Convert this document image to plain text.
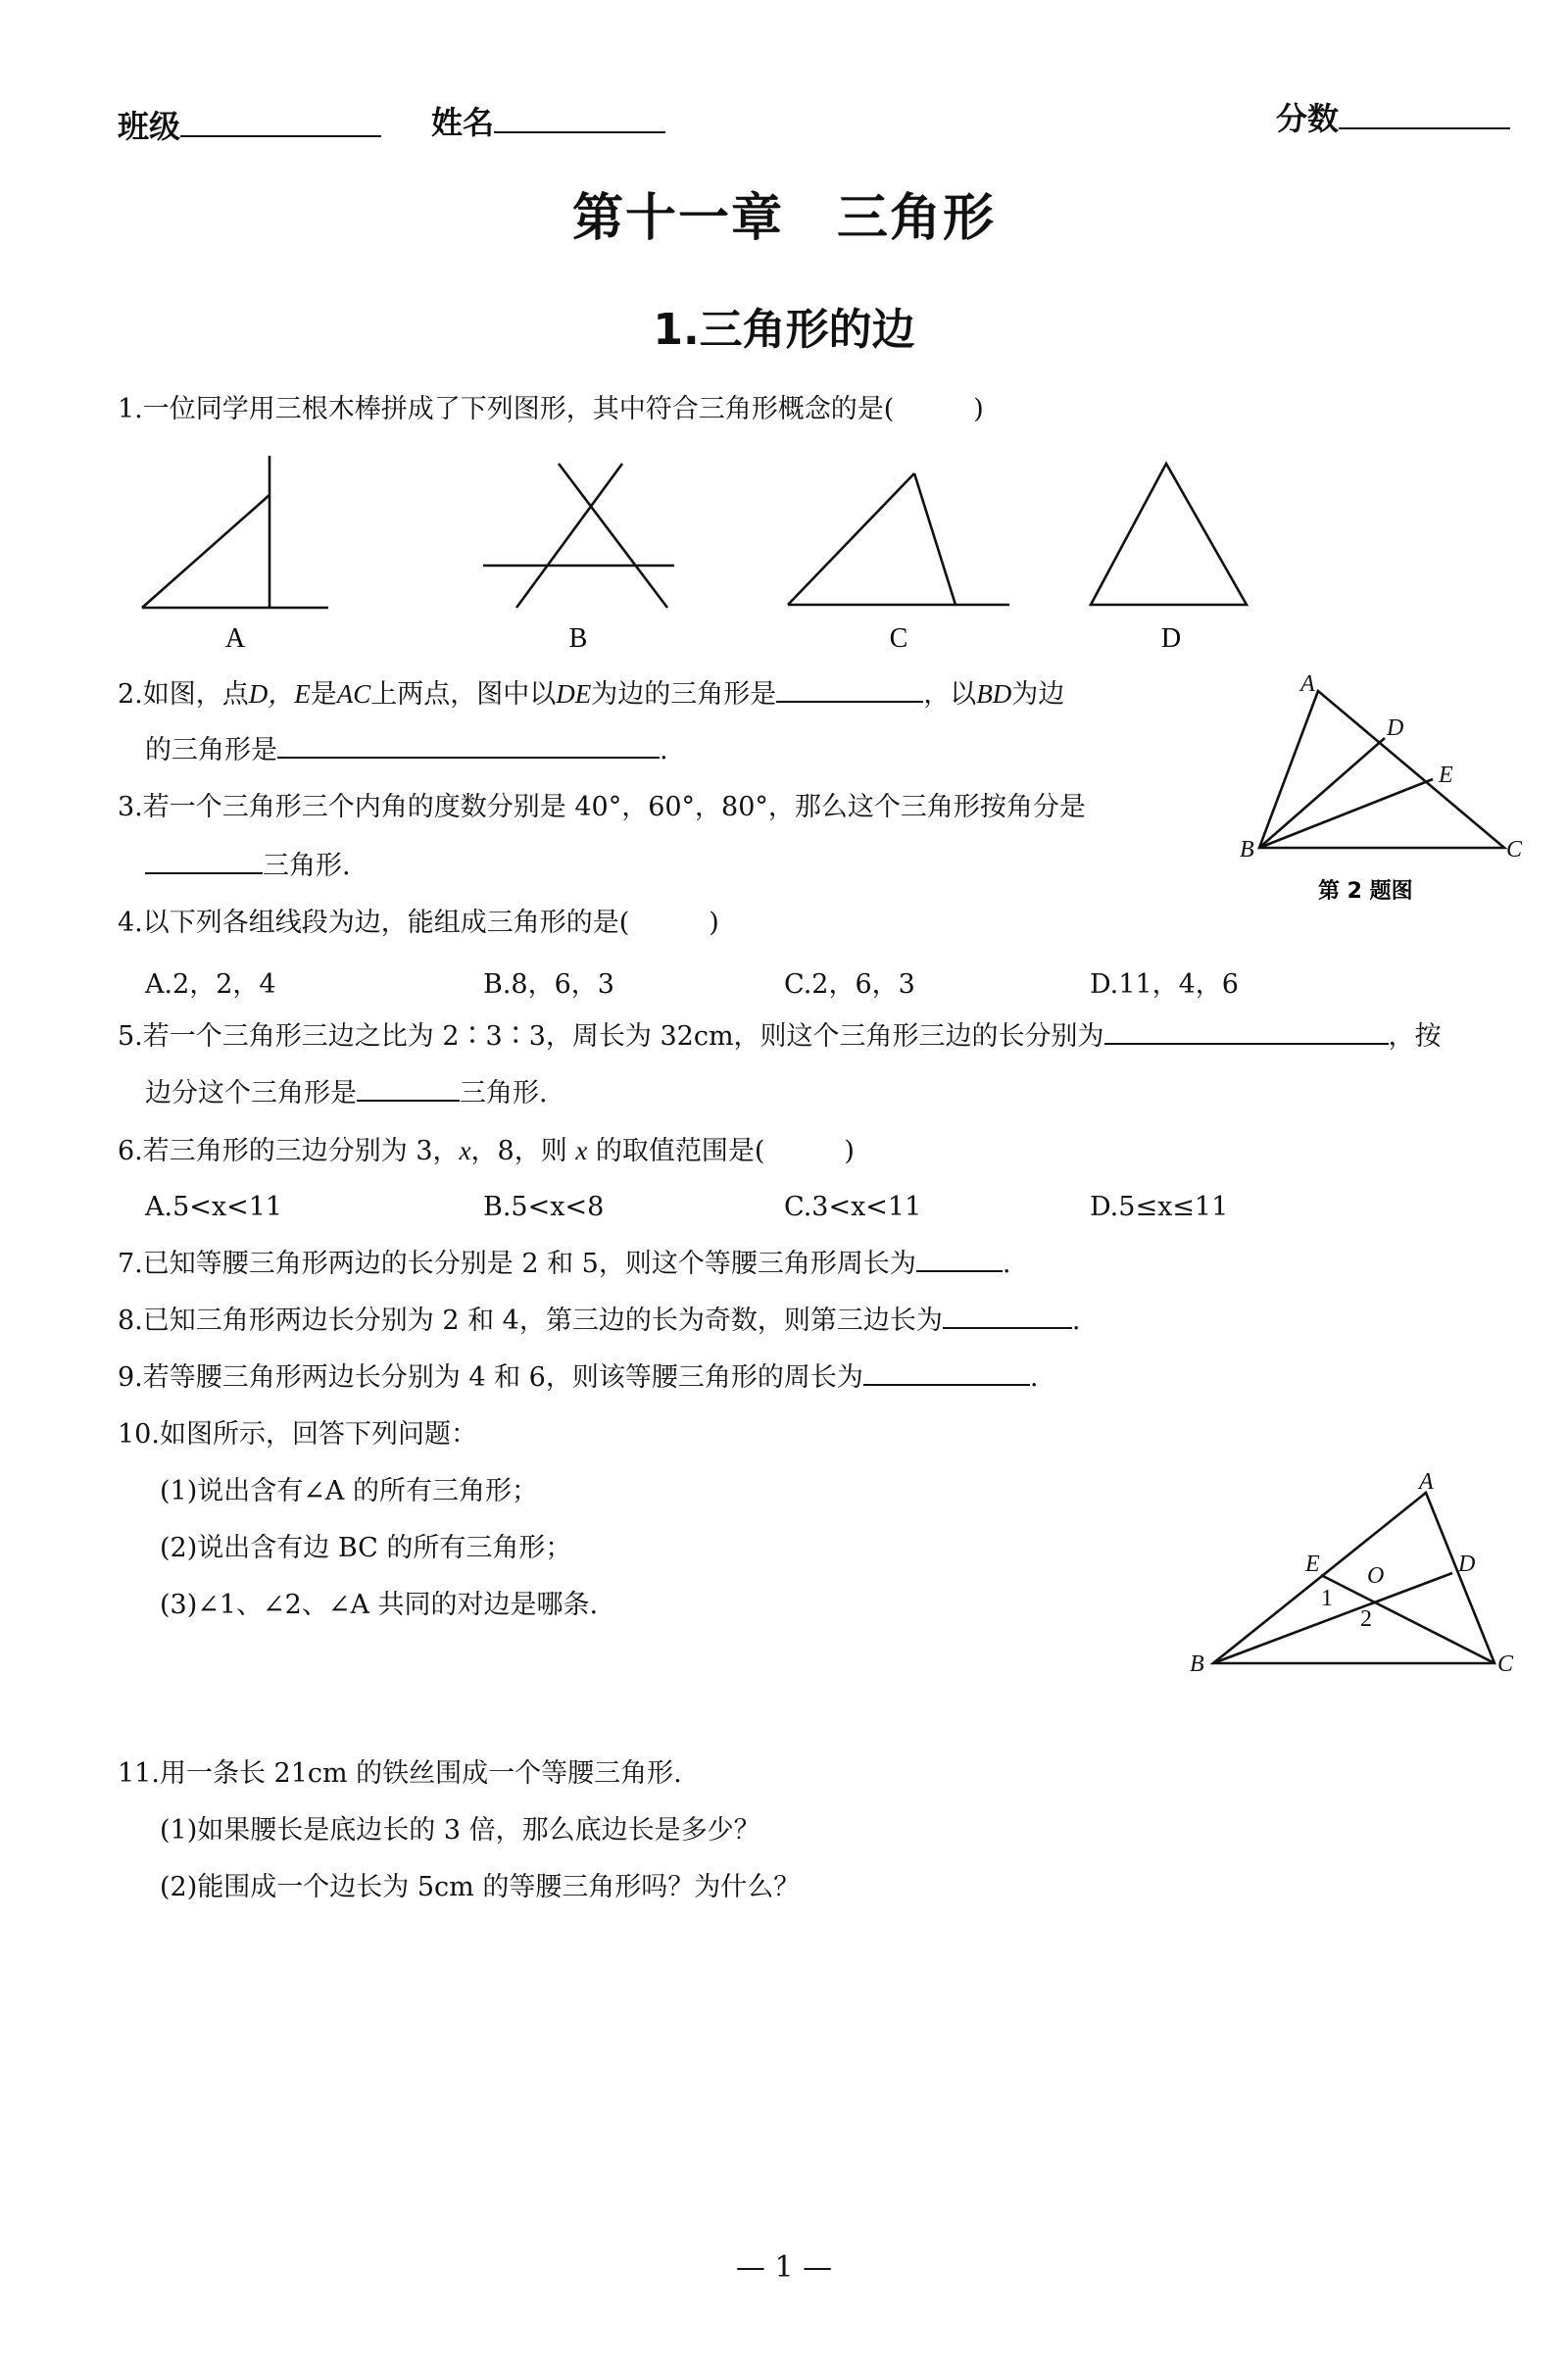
班级	姓名	分数
第十一章　三角形
1.三角形的边
1.一位同学用三根木棒拼成了下列图形，其中符合三角形概念的是(　　　)
A	B	C	D
2.如图，点D，E是AC上两点，图中以DE为边的三角形是	，以BD为边
的三角形是	.
A
B	C
D
E
第 2 题图
3.若一个三角形三个内角的度数分别是 40°，60°，80°，那么这个三角形按角分是
三角形.
4.以下列各组线段为边，能组成三角形的是(　　　)
A.2，2，4	B.8，6，3	C.2，6，3	D.11，4，6
5.若一个三角形三边之比为 2∶3∶3，周长为 32cm，则这个三角形三边的长分别为	，按
边分这个三角形是	三角形.
6.若三角形的三边分别为 3，x，8，则 x 的取值范围是(　　　)
A.5<x<11	B.5<x<8	C.3<x<11	D.5≤x≤11
7.已知等腰三角形两边的长分别是 2 和 5，则这个等腰三角形周长为	.
8.已知三角形两边长分别为 2 和 4，第三边的长为奇数，则第三边长为	.
9.若等腰三角形两边长分别为 4 和 6，则该等腰三角形的周长为	.
10.如图所示，回答下列问题：
(1)说出含有∠A 的所有三角形；
(2)说出含有边 BC 的所有三角形；
(3)∠1、∠2、∠A 共同的对边是哪条.
A
B	C
D
E O
1
2
11.用一条长 21cm 的铁丝围成一个等腰三角形.
(1)如果腰长是底边长的 3 倍，那么底边长是多少？
(2)能围成一个边长为 5cm 的等腰三角形吗？为什么？
— 1 —
